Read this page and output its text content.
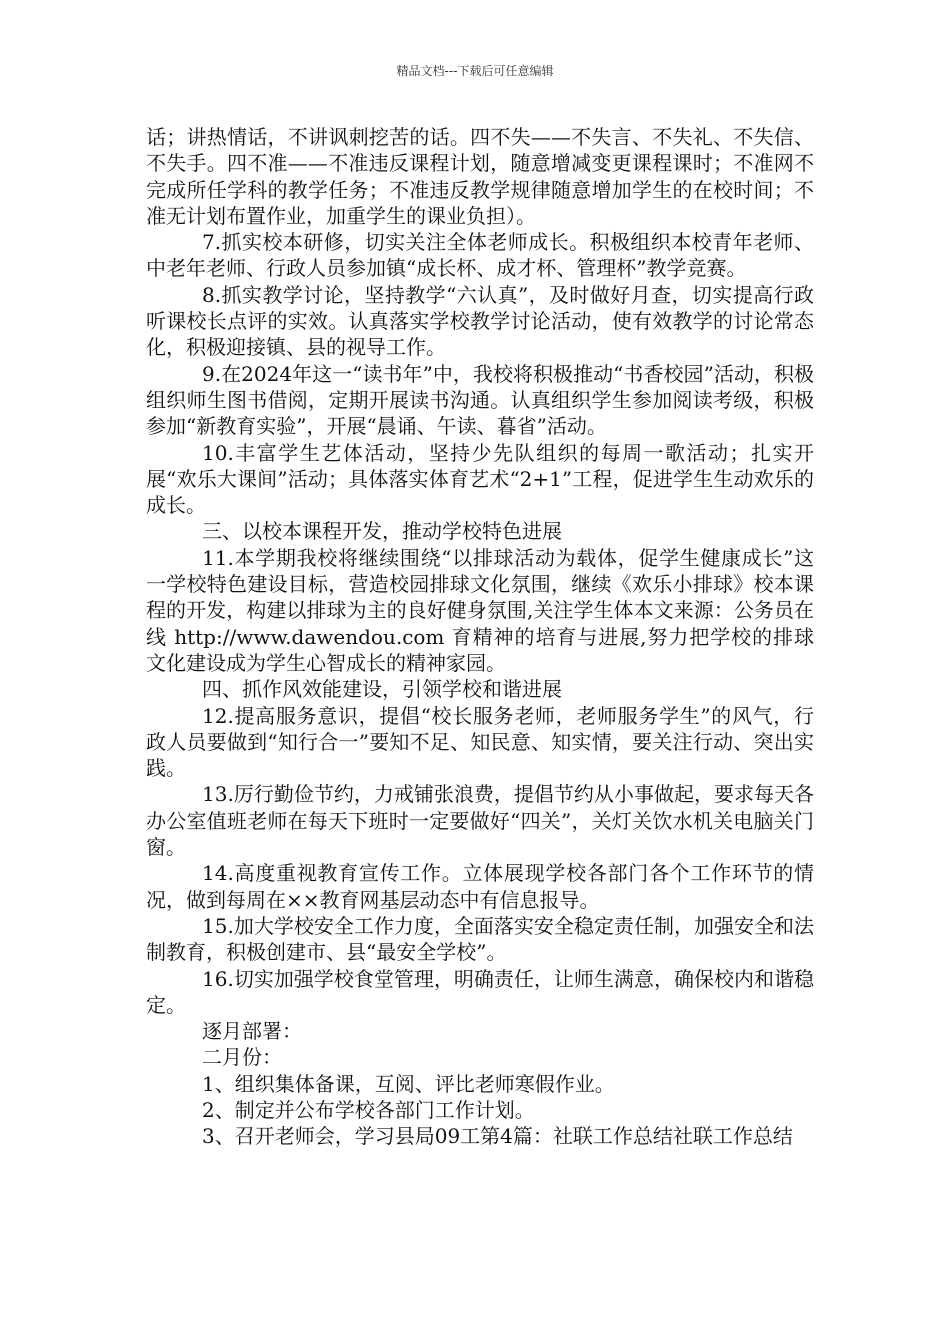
精品文档---下载后可任意编辑

话；讲热情话，不讲讽刺挖苦的话。四不失——不失言、不失礼、不失信、不失手。四不准——不准违反课程计划，随意增减变更课程课时；不准网不完成所任学科的教学任务；不准违反教学规律随意增加学生的在校时间；不准无计划布置作业，加重学生的课业负担）。

7.抓实校本研修，切实关注全体老师成长。积极组织本校青年老师、中老年老师、行政人员参加镇“成长杯、成才杯、管理杯”教学竞赛。

8.抓实教学讨论，坚持教学“六认真”，及时做好月查，切实提高行政听课校长点评的实效。认真落实学校教学讨论活动，使有效教学的讨论常态化，积极迎接镇、县的视导工作。

9.在2024年这一“读书年”中，我校将积极推动“书香校园”活动，积极组织师生图书借阅，定期开展读书沟通。认真组织学生参加阅读考级，积极参加“新教育实验”，开展“晨诵、午读、暮省”活动。

10.丰富学生艺体活动，坚持少先队组织的每周一歌活动；扎实开展“欢乐大课间”活动；具体落实体育艺术“2+1”工程，促进学生生动欢乐的成长。

三、以校本课程开发，推动学校特色进展

11.本学期我校将继续围绕“以排球活动为载体，促学生健康成长”这一学校特色建设目标，营造校园排球文化氛围，继续《欢乐小排球》校本课程的开发，构建以排球为主的良好健身氛围,关注学生体本文来源：公务员在线 http://www.dawendou.com 育精神的培育与进展,努力把学校的排球文化建设成为学生心智成长的精神家园。

四、抓作风效能建设，引领学校和谐进展

12.提高服务意识，提倡“校长服务老师，老师服务学生”的风气，行政人员要做到“知行合一”要知不足、知民意、知实情，要关注行动、突出实践。

13.厉行勤俭节约，力戒铺张浪费，提倡节约从小事做起，要求每天各办公室值班老师在每天下班时一定要做好“四关”，关灯关饮水机关电脑关门窗。

14.高度重视教育宣传工作。立体展现学校各部门各个工作环节的情况，做到每周在××教育网基层动态中有信息报导。

15.加大学校安全工作力度，全面落实安全稳定责任制，加强安全和法制教育，积极创建市、县“最安全学校”。

16.切实加强学校食堂管理，明确责任，让师生满意，确保校内和谐稳定。

逐月部署：

二月份：

1、组织集体备课，互阅、评比老师寒假作业。

2、制定并公布学校各部门工作计划。

3、召开老师会，学习县局09工第4篇：社联工作总结社联工作总结
